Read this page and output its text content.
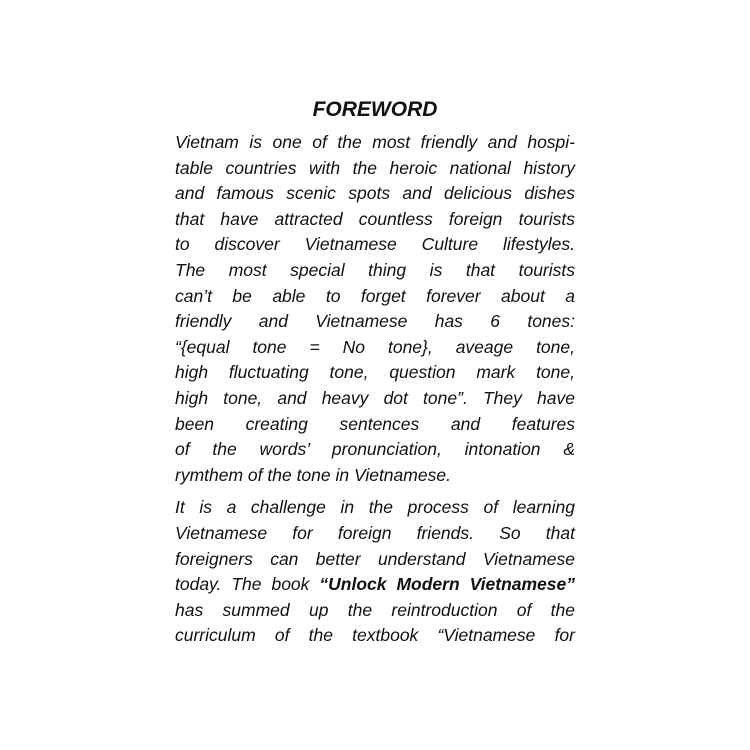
FOREWORD

Vietnam is one of the most friendly and hospi-
table countries with the heroic national history
and famous scenic spots and delicious dishes
that have attracted countless foreign tourists
to discover Vietnamese Culture lifestyles.
The most special thing is that tourists
can’t be able to forget forever about a
friendly and Vietnamese has 6 tones:
“{equal tone = No tone}, aveage tone,
high fluctuating tone, question mark tone,
high tone, and heavy dot tone”. They have
been creating sentences and features
of the words’ pronunciation, intonation &
rymthem of the tone in Vietnamese.

It is a challenge in the process of learning
Vietnamese for foreign friends. So that
foreigners can better understand Vietnamese
today. The book “Unlock Modern Vietnamese”
has summed up the reintroduction of the
curriculum of the textbook “Vietnamese for
